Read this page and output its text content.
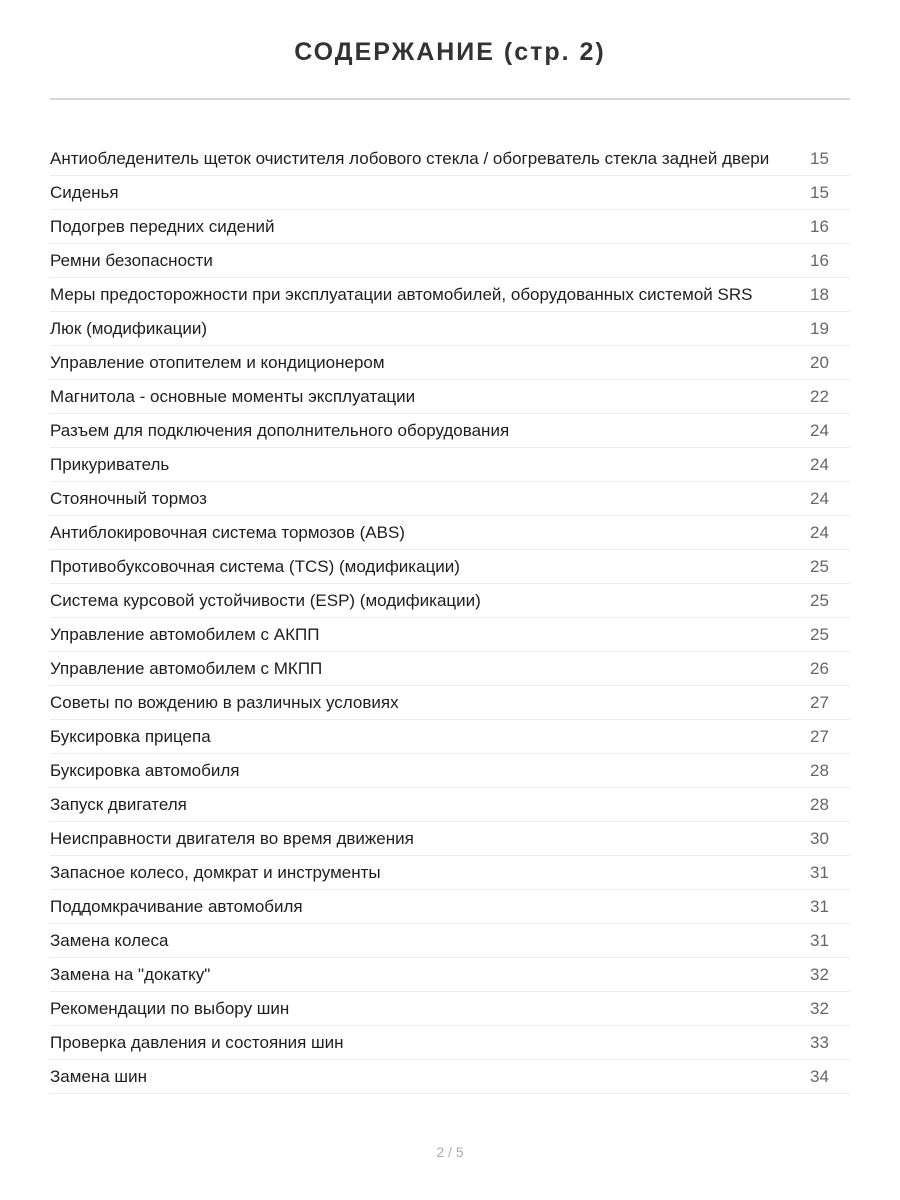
СОДЕРЖАНИЕ (стр. 2)
Антиобледенитель щеток очистителя лобового стекла / обогреватель стекла задней двери	15
Сиденья	15
Подогрев передних сидений	16
Ремни безопасности	16
Меры предосторожности при эксплуатации автомобилей, оборудованных системой SRS	18
Люк (модификации)	19
Управление отопителем и кондиционером	20
Магнитола - основные моменты эксплуатации	22
Разъем для подключения дополнительного оборудования	24
Прикуриватель	24
Стояночный тормоз	24
Антиблокировочная система тормозов (ABS)	24
Противобуксовочная система (TCS) (модификации)	25
Система курсовой устойчивости (ESP) (модификации)	25
Управление автомобилем с АКПП	25
Управление автомобилем с МКПП	26
Советы по вождению в различных условиях	27
Буксировка прицепа	27
Буксировка автомобиля	28
Запуск двигателя	28
Неисправности двигателя во время движения	30
Запасное колесо, домкрат и инструменты	31
Поддомкрачивание автомобиля	31
Замена колеса	31
Замена на "докатку"	32
Рекомендации по выбору шин	32
Проверка давления и состояния шин	33
Замена шин	34
2 / 5
